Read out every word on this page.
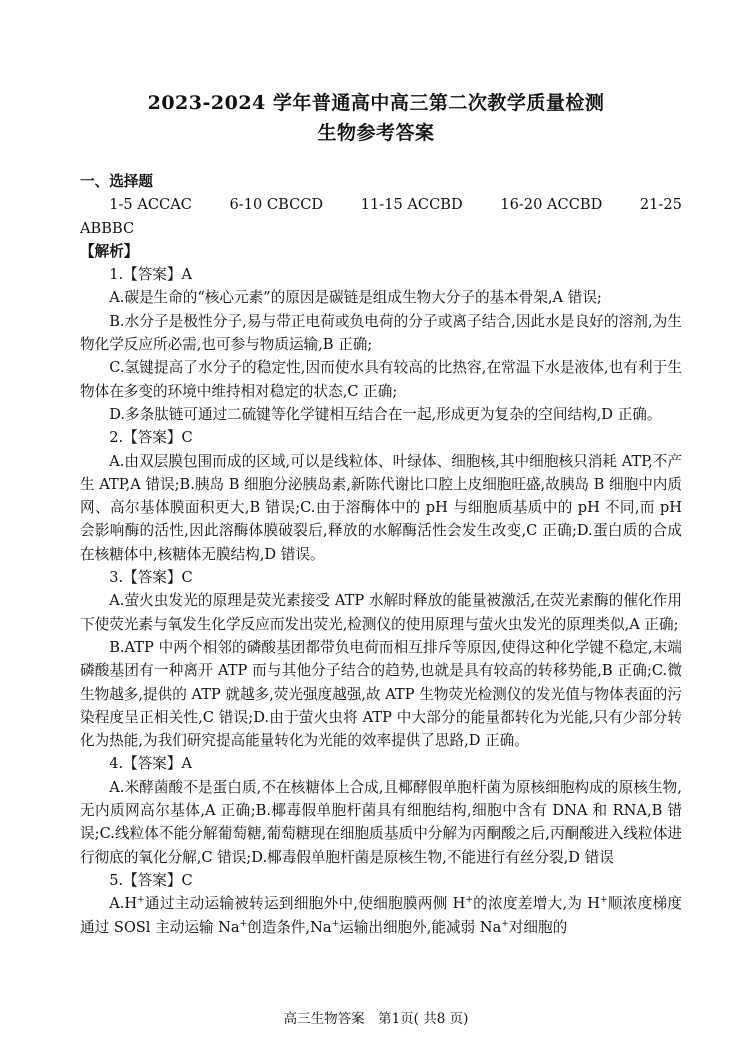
2023-2024 学年普通高中高三第二次教学质量检测
生物参考答案

一、选择题

1-5 ACCAC	6-10 CBCCD	11-15 ACCBD	16-20 ACCBD	21-25

ABBBC

【解析】

1.【答案】A

A.碳是生命的“核心元素”的原因是碳链是组成生物大分子的基本骨架,A 错误;

B.水分子是极性分子,易与带正电荷或负电荷的分子或离子结合,因此水是良好的溶剂,为生物化学反应所必需,也可参与物质运输,B 正确;

C.氢键提高了水分子的稳定性,因而使水具有较高的比热容,在常温下水是液体,也有利于生物体在多变的环境中维持相对稳定的状态,C 正确;

D.多条肽链可通过二硫键等化学键相互结合在一起,形成更为复杂的空间结构,D 正确。

2.【答案】C

A.由双层膜包围而成的区域,可以是线粒体、叶绿体、细胞核,其中细胞核只消耗 ATP,不产生 ATP,A 错误;B.胰岛 B 细胞分泌胰岛素,新陈代谢比口腔上皮细胞旺盛,故胰岛 B 细胞中内质网、高尔基体膜面积更大,B 错误;C.由于溶酶体中的 pH 与细胞质基质中的 pH 不同,而 pH 会影响酶的活性,因此溶酶体膜破裂后,释放的水解酶活性会发生改变,C 正确;D.蛋白质的合成在核糖体中,核糖体无膜结构,D 错误。

3.【答案】C

A.萤火虫发光的原理是荧光素接受 ATP 水解时释放的能量被激活,在荧光素酶的催化作用下使荧光素与氧发生化学反应而发出荧光,检测仪的使用原理与萤火虫发光的原理类似,A 正确;

B.ATP 中两个相邻的磷酸基团都带负电荷而相互排斥等原因,使得这种化学键不稳定,末端磷酸基团有一种离开 ATP 而与其他分子结合的趋势,也就是具有较高的转移势能,B 正确;C.微生物越多,提供的 ATP 就越多,荧光强度越强,故 ATP 生物荧光检测仪的发光值与物体表面的污染程度呈正相关性,C 错误;D.由于萤火虫将 ATP 中大部分的能量都转化为光能,只有少部分转化为热能,为我们研究提高能量转化为光能的效率提供了思路,D 正确。

4.【答案】A

A.米酵菌酸不是蛋白质,不在核糖体上合成,且椰酵假单胞杆菌为原核细胞构成的原核生物,无内质网高尔基体,A 正确;B.椰毒假单胞杆菌具有细胞结构,细胞中含有 DNA 和 RNA,B 错误;C.线粒体不能分解葡萄糖,葡萄糖现在细胞质基质中分解为丙酮酸之后,丙酮酸进入线粒体进行彻底的氧化分解,C 错误;D.椰毒假单胞杆菌是原核生物,不能进行有丝分裂,D 错误

5.【答案】C

A.H+通过主动运输被转运到细胞外中,使细胞膜两侧 H+的浓度差增大,为 H+顺浓度梯度通过 SOSl 主动运输 Na+创造条件,Na+运输出细胞外,能减弱 Na+对细胞的

高三生物答案　第1页( 共8 页)
